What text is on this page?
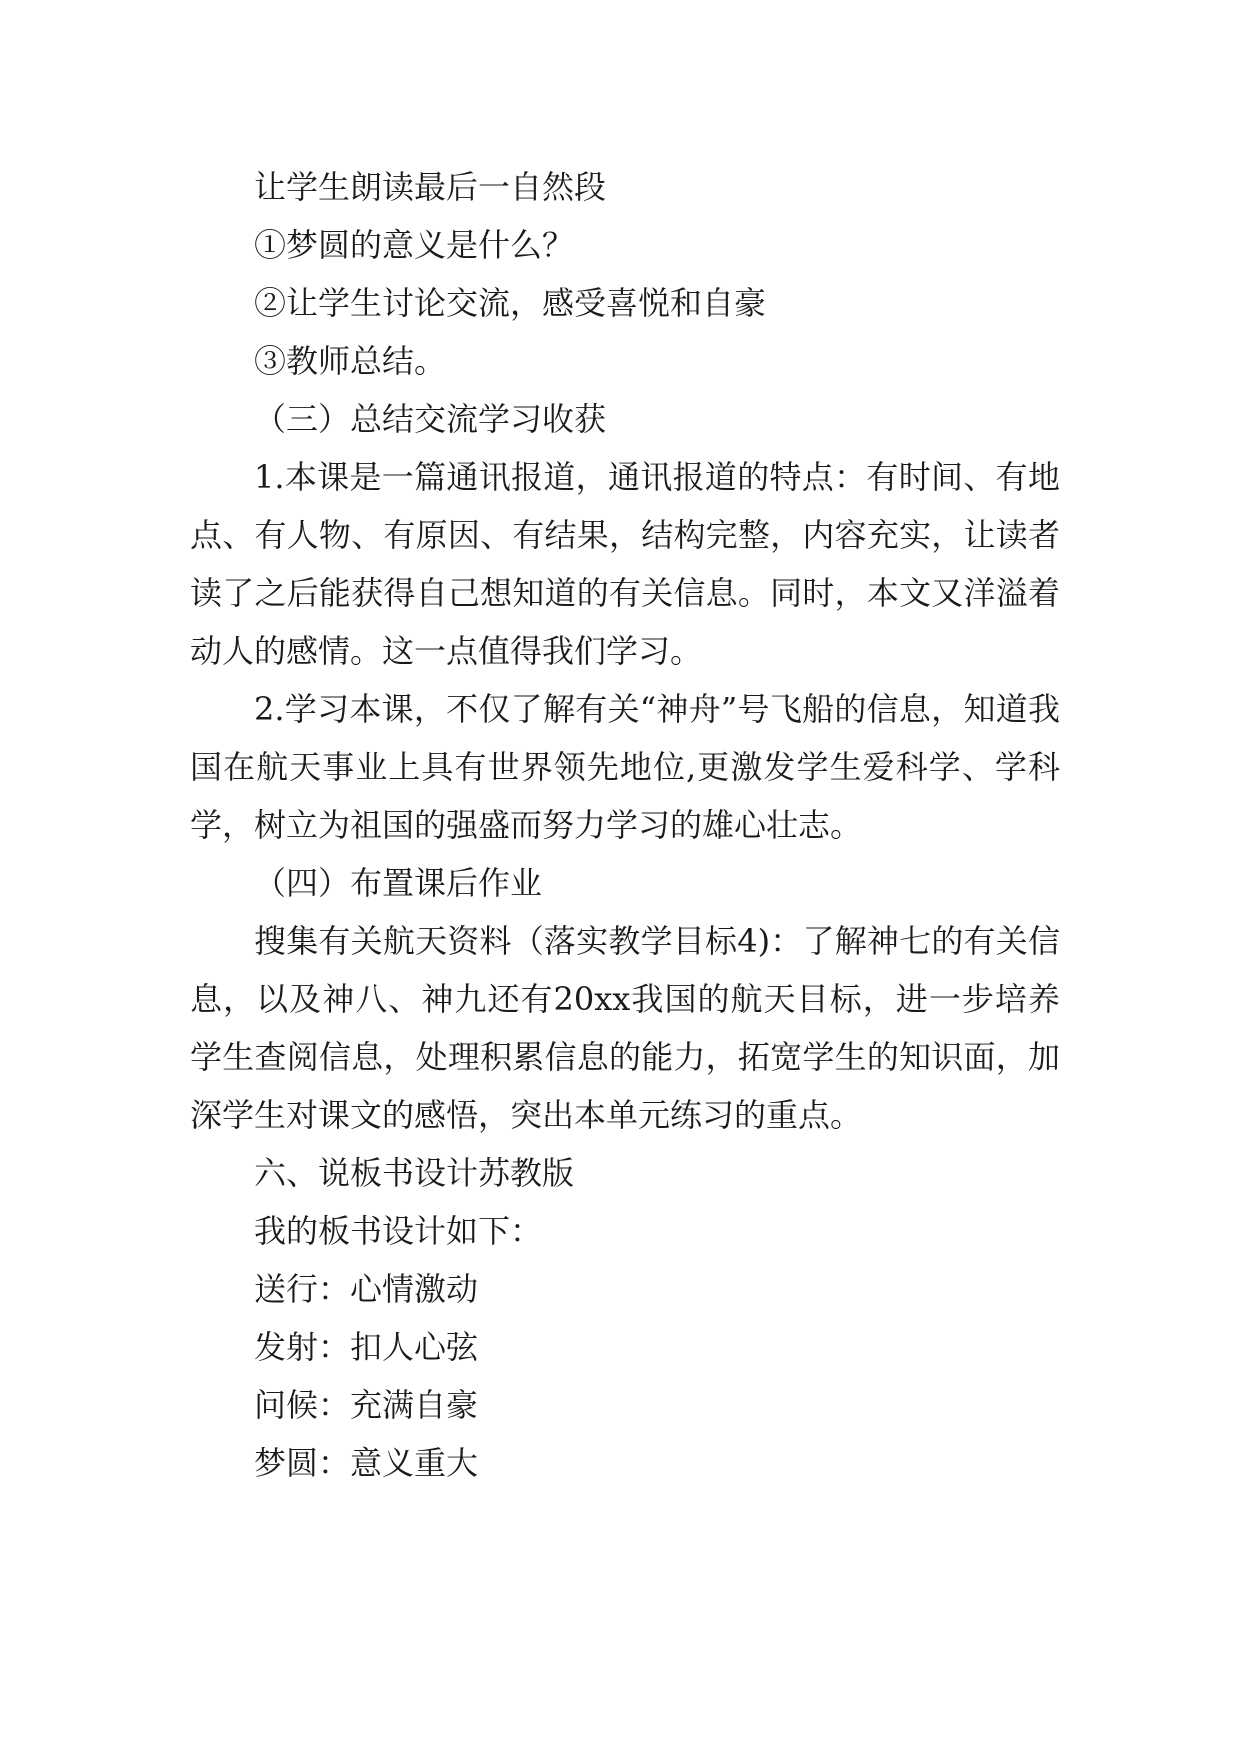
让学生朗读最后一自然段

①梦圆的意义是什么？

②让学生讨论交流，感受喜悦和自豪

③教师总结。

（三）总结交流学习收获

1.本课是一篇通讯报道，通讯报道的特点：有时间、有地点、有人物、有原因、有结果，结构完整，内容充实，让读者读了之后能获得自己想知道的有关信息。同时，本文又洋溢着动人的感情。这一点值得我们学习。

2.学习本课，不仅了解有关“神舟”号飞船的信息，知道我国在航天事业上具有世界领先地位,更激发学生爱科学、学科学，树立为祖国的强盛而努力学习的雄心壮志。

（四）布置课后作业

搜集有关航天资料（落实教学目标4)：了解神七的有关信息，以及神八、神九还有20xx我国的航天目标，进一步培养学生查阅信息，处理积累信息的能力，拓宽学生的知识面，加深学生对课文的感悟，突出本单元练习的重点。

六、说板书设计苏教版

我的板书设计如下：

送行：心情激动

发射：扣人心弦

问候：充满自豪

梦圆：意义重大
